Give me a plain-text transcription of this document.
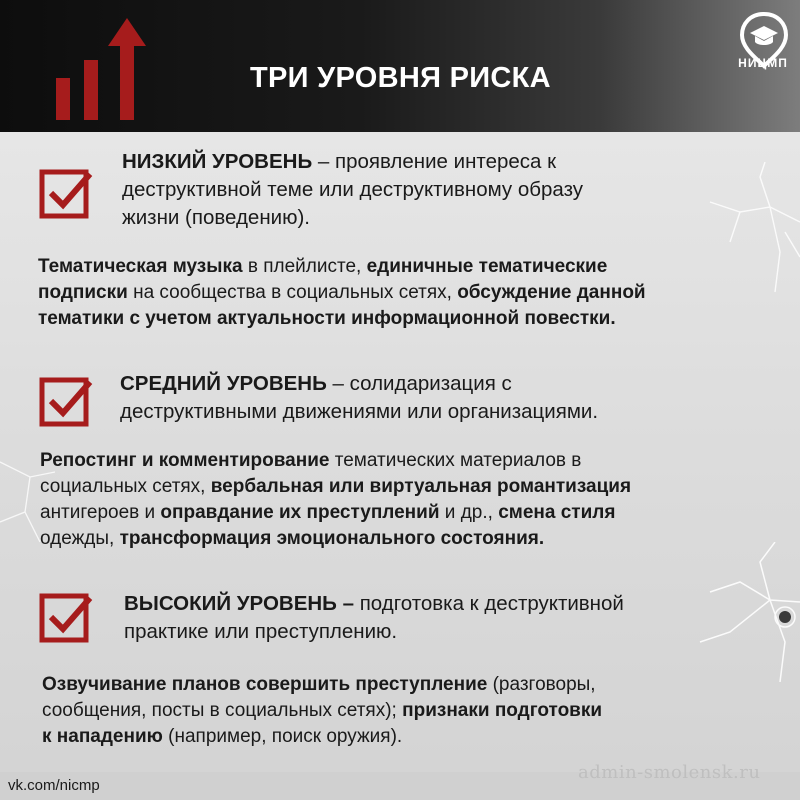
ТРИ УРОВНЯ РИСКА	НИЦМП
НИЗКИЙ УРОВЕНЬ – проявление интереса к
деструктивной теме или деструктивному образу
жизни (поведению).
Тематическая музыка в плейлисте, единичные тематические
подписки на сообщества в социальных сетях, обсуждение данной
тематики с учетом актуальности информационной повестки.
СРЕДНИЙ УРОВЕНЬ – солидаризация с
деструктивными движениями или организациями.
Репостинг и комментирование тематических материалов в
социальных сетях, вербальная или виртуальная романтизация
антигероев и оправдание их преступлений и др., смена стиля
одежды, трансформация эмоционального состояния.
ВЫСОКИЙ УРОВЕНЬ – подготовка к деструктивной
практике или преступлению.
Озвучивание планов совершить преступление (разговоры,
сообщения, посты в социальных сетях); признаки подготовки
к нападению (например, поиск оружия).
vk.com/nicmp
admin-smolensk.ru
